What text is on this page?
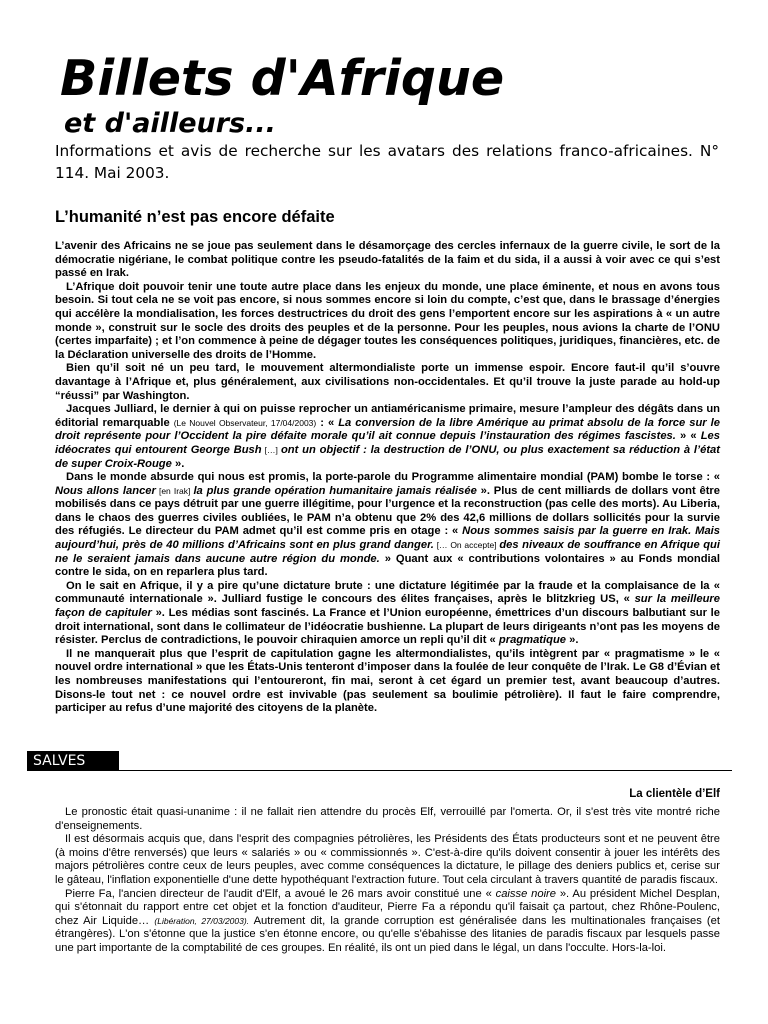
Billets d'Afrique
et d'ailleurs...
Informations et avis de recherche sur les avatars des relations franco-africaines. N° 114. Mai 2003.
L’humanité n’est pas encore défaite

L’avenir des Africains ne se joue pas seulement dans le désamorçage des cercles infernaux de la guerre civile, le sort de la démocratie nigériane, le combat politique contre les pseudo-fatalités de la faim et du sida, il a aussi à voir avec ce qui s’est passé en Irak.

L’Afrique doit pouvoir tenir une toute autre place dans les enjeux du monde, une place éminente, et nous en avons tous besoin. Si tout cela ne se voit pas encore, si nous sommes encore si loin du compte, c’est que, dans le brassage d’énergies qui accélère la mondialisation, les forces destructrices du droit des gens l’emportent encore sur les aspirations à « un autre monde », construit sur le socle des droits des peuples et de la personne. Pour les peuples, nous avions la charte de l’ONU (certes imparfaite) ; et l’on commence à peine de dégager toutes les conséquences politiques, juridiques, financières, etc. de la Déclaration universelle des droits de l’Homme.

Bien qu’il soit né un peu tard, le mouvement altermondialiste porte un immense espoir. Encore faut-il qu’il s’ouvre davantage à l’Afrique et, plus généralement, aux civilisations non-occidentales. Et qu’il trouve la juste parade au hold-up “réussi” par Washington.

Jacques Julliard, le dernier à qui on puisse reprocher un antiaméricanisme primaire, mesure l’ampleur des dégâts dans un éditorial remarquable (Le Nouvel Observateur, 17/04/2003) : « La conversion de la libre Amérique au primat absolu de la force sur le droit représente pour l’Occident la pire défaite morale qu’il ait connue depuis l’instauration des régimes fascistes. » « Les idéocrates qui entourent George Bush […] ont un objectif : la destruction de l’ONU, ou plus exactement sa réduction à l’état de super Croix-Rouge ».

Dans le monde absurde qui nous est promis, la porte-parole du Programme alimentaire mondial (PAM) bombe le torse : « Nous allons lancer [en Irak] la plus grande opération humanitaire jamais réalisée ». Plus de cent milliards de dollars vont être mobilisés dans ce pays détruit par une guerre illégitime, pour l’urgence et la reconstruction (pas celle des morts). Au Liberia, dans le chaos des guerres civiles oubliées, le PAM n’a obtenu que 2% des 42,6 millions de dollars sollicités pour la survie des réfugiés. Le directeur du PAM admet qu’il est comme pris en otage : « Nous sommes saisis par la guerre en Irak. Mais aujourd’hui, près de 40 millions d’Africains sont en plus grand danger. [… On accepte] des niveaux de souffrance en Afrique qui ne le seraient jamais dans aucune autre région du monde. » Quant aux « contributions volontaires » au Fonds mondial contre le sida, on en reparlera plus tard.

On le sait en Afrique, il y a pire qu’une dictature brute : une dictature légitimée par la fraude et la complaisance de la « communauté internationale ». Julliard fustige le concours des élites françaises, après le blitzkrieg US, « sur la meilleure façon de capituler ». Les médias sont fascinés. La France et l’Union européenne, émettrices d’un discours balbutiant sur le droit international, sont dans le collimateur de l’idéocratie bushienne. La plupart de leurs dirigeants n’ont pas les moyens de résister. Perclus de contradictions, le pouvoir chiraquien amorce un repli qu’il dit « pragmatique ».

Il ne manquerait plus que l’esprit de capitulation gagne les altermondialistes, qu’ils intègrent par « pragmatisme » le « nouvel ordre international » que les États-Unis tenteront d’imposer dans la foulée de leur conquête de l’Irak. Le G8 d’Évian et les nombreuses manifestations qui l’entoureront, fin mai, seront à cet égard un premier test, avant beaucoup d’autres. Disons-le tout net : ce nouvel ordre est invivable (pas seulement sa boulimie pétrolière). Il faut le faire comprendre, participer au refus d’une majorité des citoyens de la planète.

SALVES
La clientèle d’Elf

Le pronostic était quasi-unanime : il ne fallait rien attendre du procès Elf, verrouillé par l'omerta. Or, il s'est très vite montré riche d'enseignements.

Il est désormais acquis que, dans l'esprit des compagnies pétrolières, les Présidents des États producteurs sont et ne peuvent être (à moins d'être renversés) que leurs « salariés » ou « commissionnés ». C'est-à-dire qu'ils doivent consentir à jouer les intérêts des majors pétrolières contre ceux de leurs peuples, avec comme conséquences la dictature, le pillage des deniers publics et, cerise sur le gâteau, l'inflation exponentielle d'une dette hypothéquant l'extraction future. Tout cela circulant à travers quantité de paradis fiscaux.

Pierre Fa, l'ancien directeur de l'audit d'Elf, a avoué le 26 mars avoir constitué une « caisse noire ». Au président Michel Desplan, qui s'étonnait du rapport entre cet objet et la fonction d'auditeur, Pierre Fa a répondu qu'il faisait ça partout, chez Rhône-Poulenc, chez Air Liquide… (Libération, 27/03/2003). Autrement dit, la grande corruption est généralisée dans les multinationales françaises (et étrangères). L'on s'étonne que la justice s'en étonne encore, ou qu'elle s'ébahisse des litanies de paradis fiscaux par lesquels passe une part importante de la comptabilité de ces groupes. En réalité, ils ont un pied dans le légal, un dans l'occulte. Hors-la-loi.
